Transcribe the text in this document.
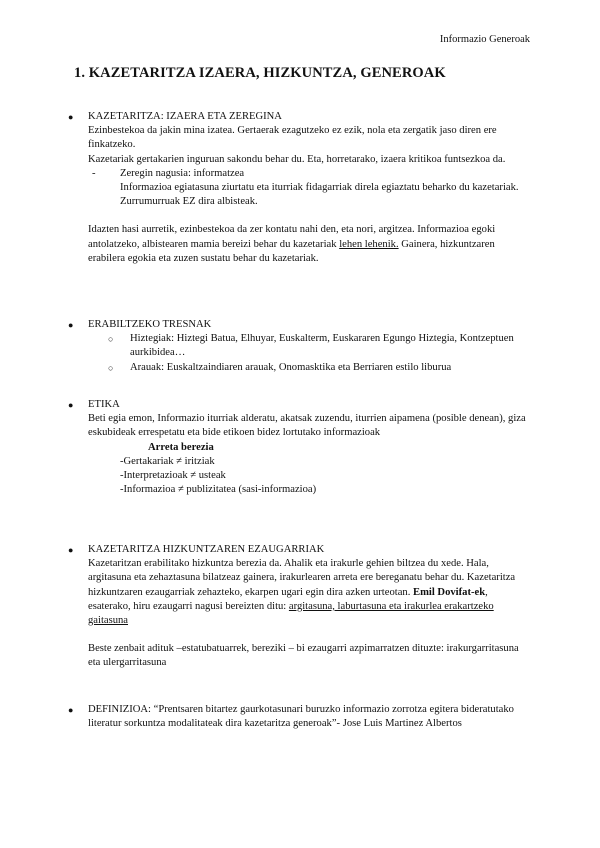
Informazio Generoak
1. KAZETARITZA IZAERA, HIZKUNTZA, GENEROAK
● KAZETARITZA: IZAERA ETA ZEREGINA

Ezinbestekoa da jakin mina izatea. Gertaerak ezagutzeko ez ezik, nola eta zergatik jaso diren ere finkatzeko.

Kazetariak gertakarien inguruan sakondu behar du. Eta, horretarako, izaera kritikoa funtsezkoa da.

- Zeregin nagusia: informatzea

Informazioa egiatasuna ziurtatu eta iturriak fidagarriak direla egiaztatu beharko du kazetariak. Zurrumurruak EZ dira albisteak.

Idazten hasi aurretik, ezinbestekoa da zer kontatu nahi den, eta nori, argitzea. Informazioa egoki antolatzeko, albistearen mamia bereizi behar du kazetariak lehen lehenik. Gainera, hizkuntzaren erabilera egokia eta zuzen sustatu behar du kazetariak.

● ERABILTZEKO TRESNAK

○ Hiztegiak: Hiztegi Batua, Elhuyar, Euskalterm, Euskararen Egungo Hiztegia, Kontzeptuen aurkibidea…

○ Arauak: Euskaltzaindiaren arauak, Onomasktika eta Berriaren estilo liburua

● ETIKA

Beti egia emon, Informazio iturriak alderatu, akatsak zuzendu, iturrien aipamena (posible denean), giza eskubideak errespetatu eta bide etikoen bidez lortutako informazioak

Arreta berezia
-Gertakariak ≠ iritziak
-Interpretazioak ≠ usteak
-Informazioa ≠ publizitatea (sasi-informazioa)
● KAZETARITZA HIZKUNTZAREN EZAUGARRIAK

Kazetaritzan erabilitako hizkuntza berezia da. Ahalik eta irakurle gehien biltzea du xede. Hala, argitasuna eta zehaztasuna bilatzeaz gainera, irakurlearen arreta ere bereganatu behar du. Kazetaritza hizkuntzaren ezaugarriak zehazteko, ekarpen ugari egin dira azken urteotan. Emil Dovifat-ek, esaterako, hiru ezaugarri nagusi bereizten ditu: argitasuna, laburtasuna eta irakurlea erakartzeko gaitasuna

Beste zenbait adituk –estatubatuarrek, bereziki – bi ezaugarri azpimarratzen dituzte: irakurgarritasuna eta ulergarritasuna

● DEFINIZIOA: “Prentsaren bitartez gaurkotasunari buruzko informazio zorrotza egitera bideratutako literatur sorkuntza modalitateak dira kazetaritza generoak”- Jose Luis Martinez Albertos
